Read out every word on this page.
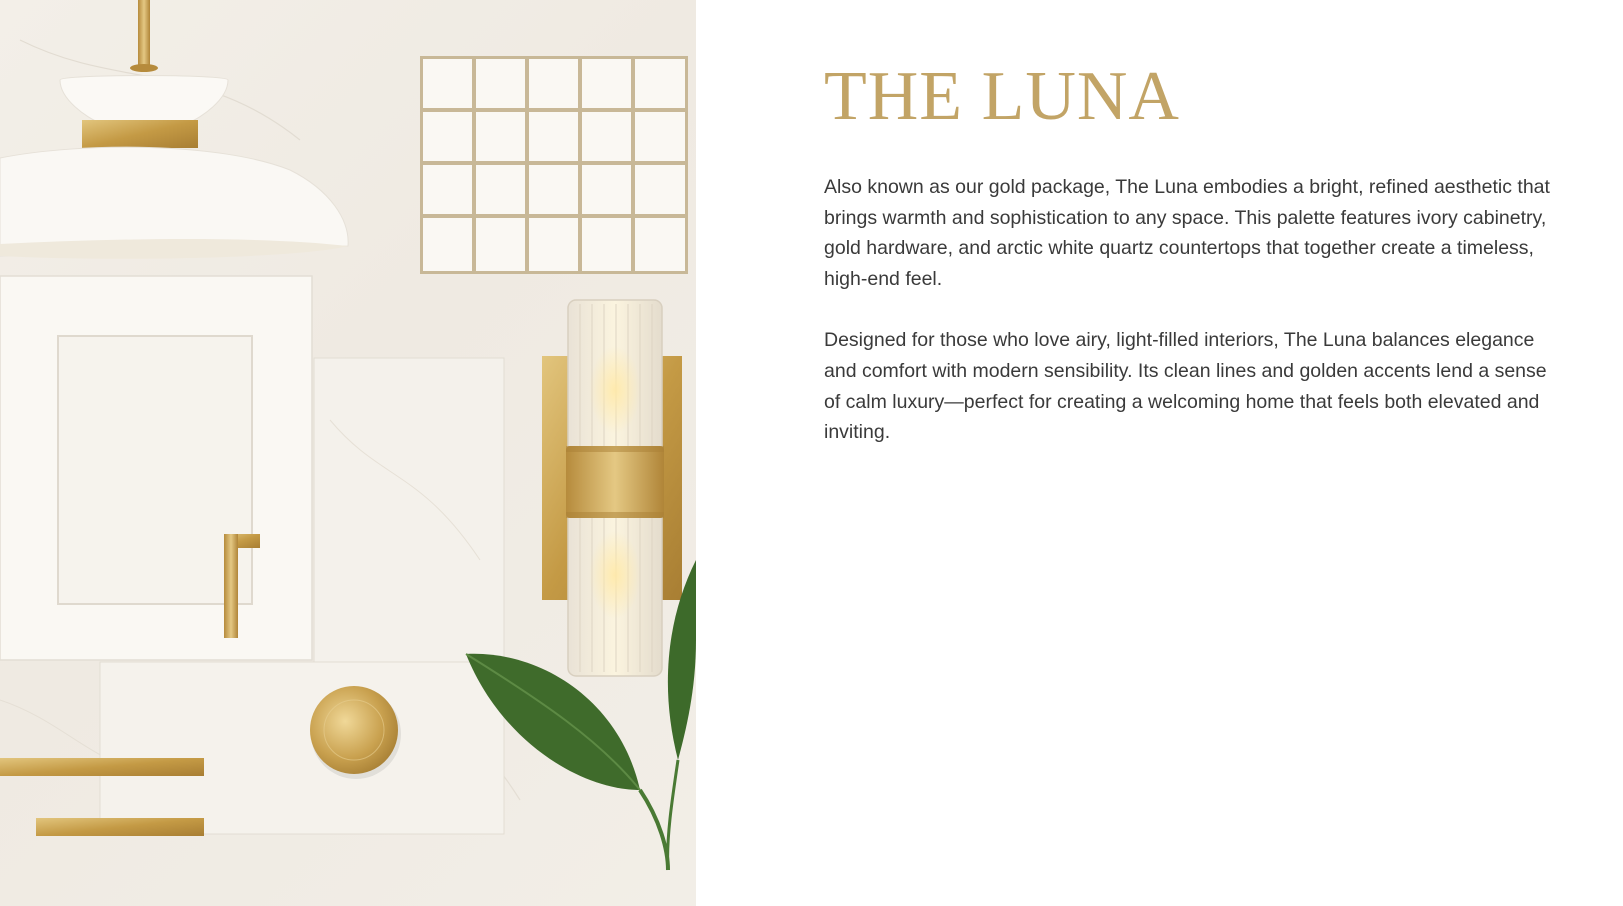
THE LUNA

Also known as our gold package, The Luna embodies a bright, refined aesthetic that brings warmth and sophistication to any space. This palette features ivory cabinetry, gold hardware, and arctic white quartz countertops that together create a timeless, high-end feel.

Designed for those who love airy, light-filled interiors, The Luna balances elegance and comfort with modern sensibility. Its clean lines and golden accents lend a sense of calm luxury—perfect for creating a welcoming home that feels both elevated and inviting.
